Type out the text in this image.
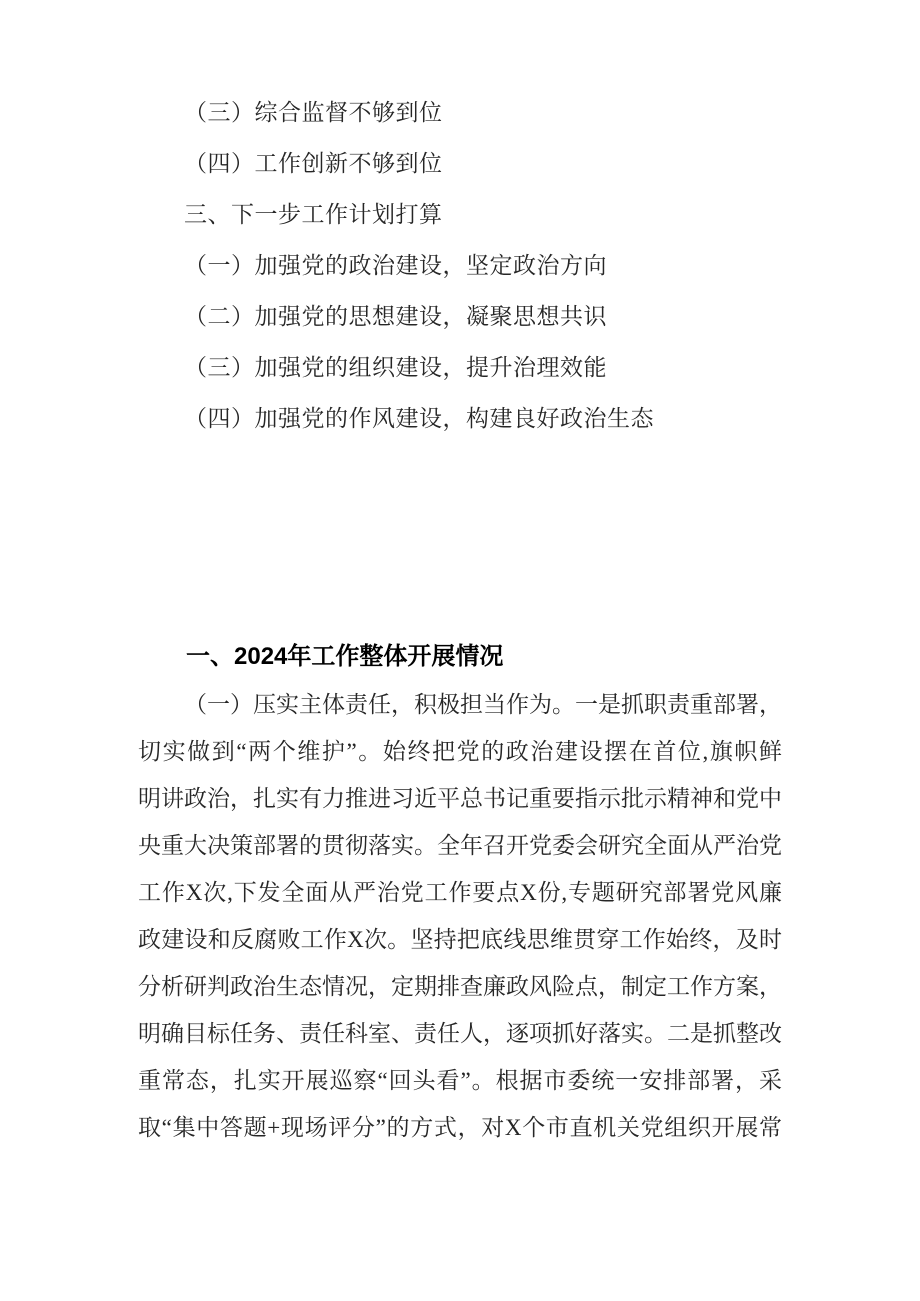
（三）综合监督不够到位
（四）工作创新不够到位
三、下一步工作计划打算
（一）加强党的政治建设，坚定政治方向
（二）加强党的思想建设，凝聚思想共识
（三）加强党的组织建设，提升治理效能
（四）加强党的作风建设，构建良好政治生态
一、2024年工作整体开展情况
（一）压实主体责任，积极担当作为。一是抓职责重部署，
切实做到“两个维护”。始终把党的政治建设摆在首位,旗帜鲜
明讲政治，扎实有力推进习近平总书记重要指示批示精神和党中
央重大决策部署的贯彻落实。全年召开党委会研究全面从严治党
工作X次,下发全面从严治党工作要点X份,专题研究部署党风廉
政建设和反腐败工作X次。坚持把底线思维贯穿工作始终，及时
分析研判政治生态情况，定期排查廉政风险点，制定工作方案，
明确目标任务、责任科室、责任人，逐项抓好落实。二是抓整改
重常态，扎实开展巡察“回头看”。根据市委统一安排部署，采
取“集中答题+现场评分”的方式，对X个市直机关党组织开展常
